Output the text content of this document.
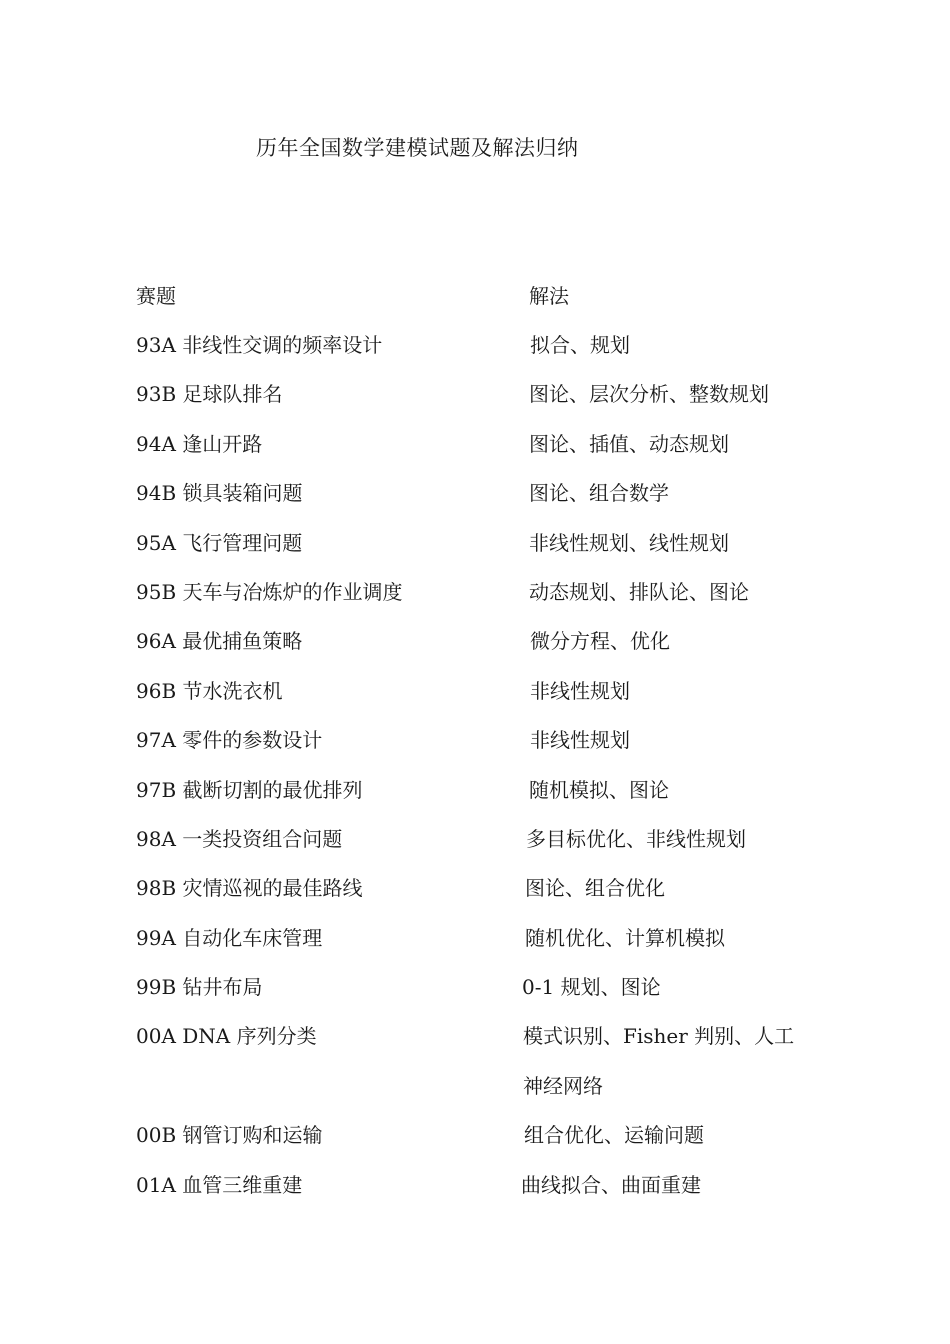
历年全国数学建模试题及解法归纳
赛题	解法
93A 非线性交调的频率设计	拟合、规划
93B 足球队排名	图论、层次分析、整数规划
94A 逢山开路	图论、插值、动态规划
94B 锁具装箱问题	图论、组合数学
95A 飞行管理问题	非线性规划、线性规划
95B 天车与冶炼炉的作业调度	动态规划、排队论、图论
96A 最优捕鱼策略	微分方程、优化
96B 节水洗衣机	非线性规划
97A 零件的参数设计	非线性规划
97B 截断切割的最优排列	随机模拟、图论
98A 一类投资组合问题	多目标优化、非线性规划
98B 灾情巡视的最佳路线	图论、组合优化
99A 自动化车床管理	随机优化、计算机模拟
99B 钻井布局	0-1 规划、图论
00A DNA 序列分类	模式识别、Fisher 判别、人工
神经网络
00B 钢管订购和运输	组合优化、运输问题
01A 血管三维重建	曲线拟合、曲面重建
